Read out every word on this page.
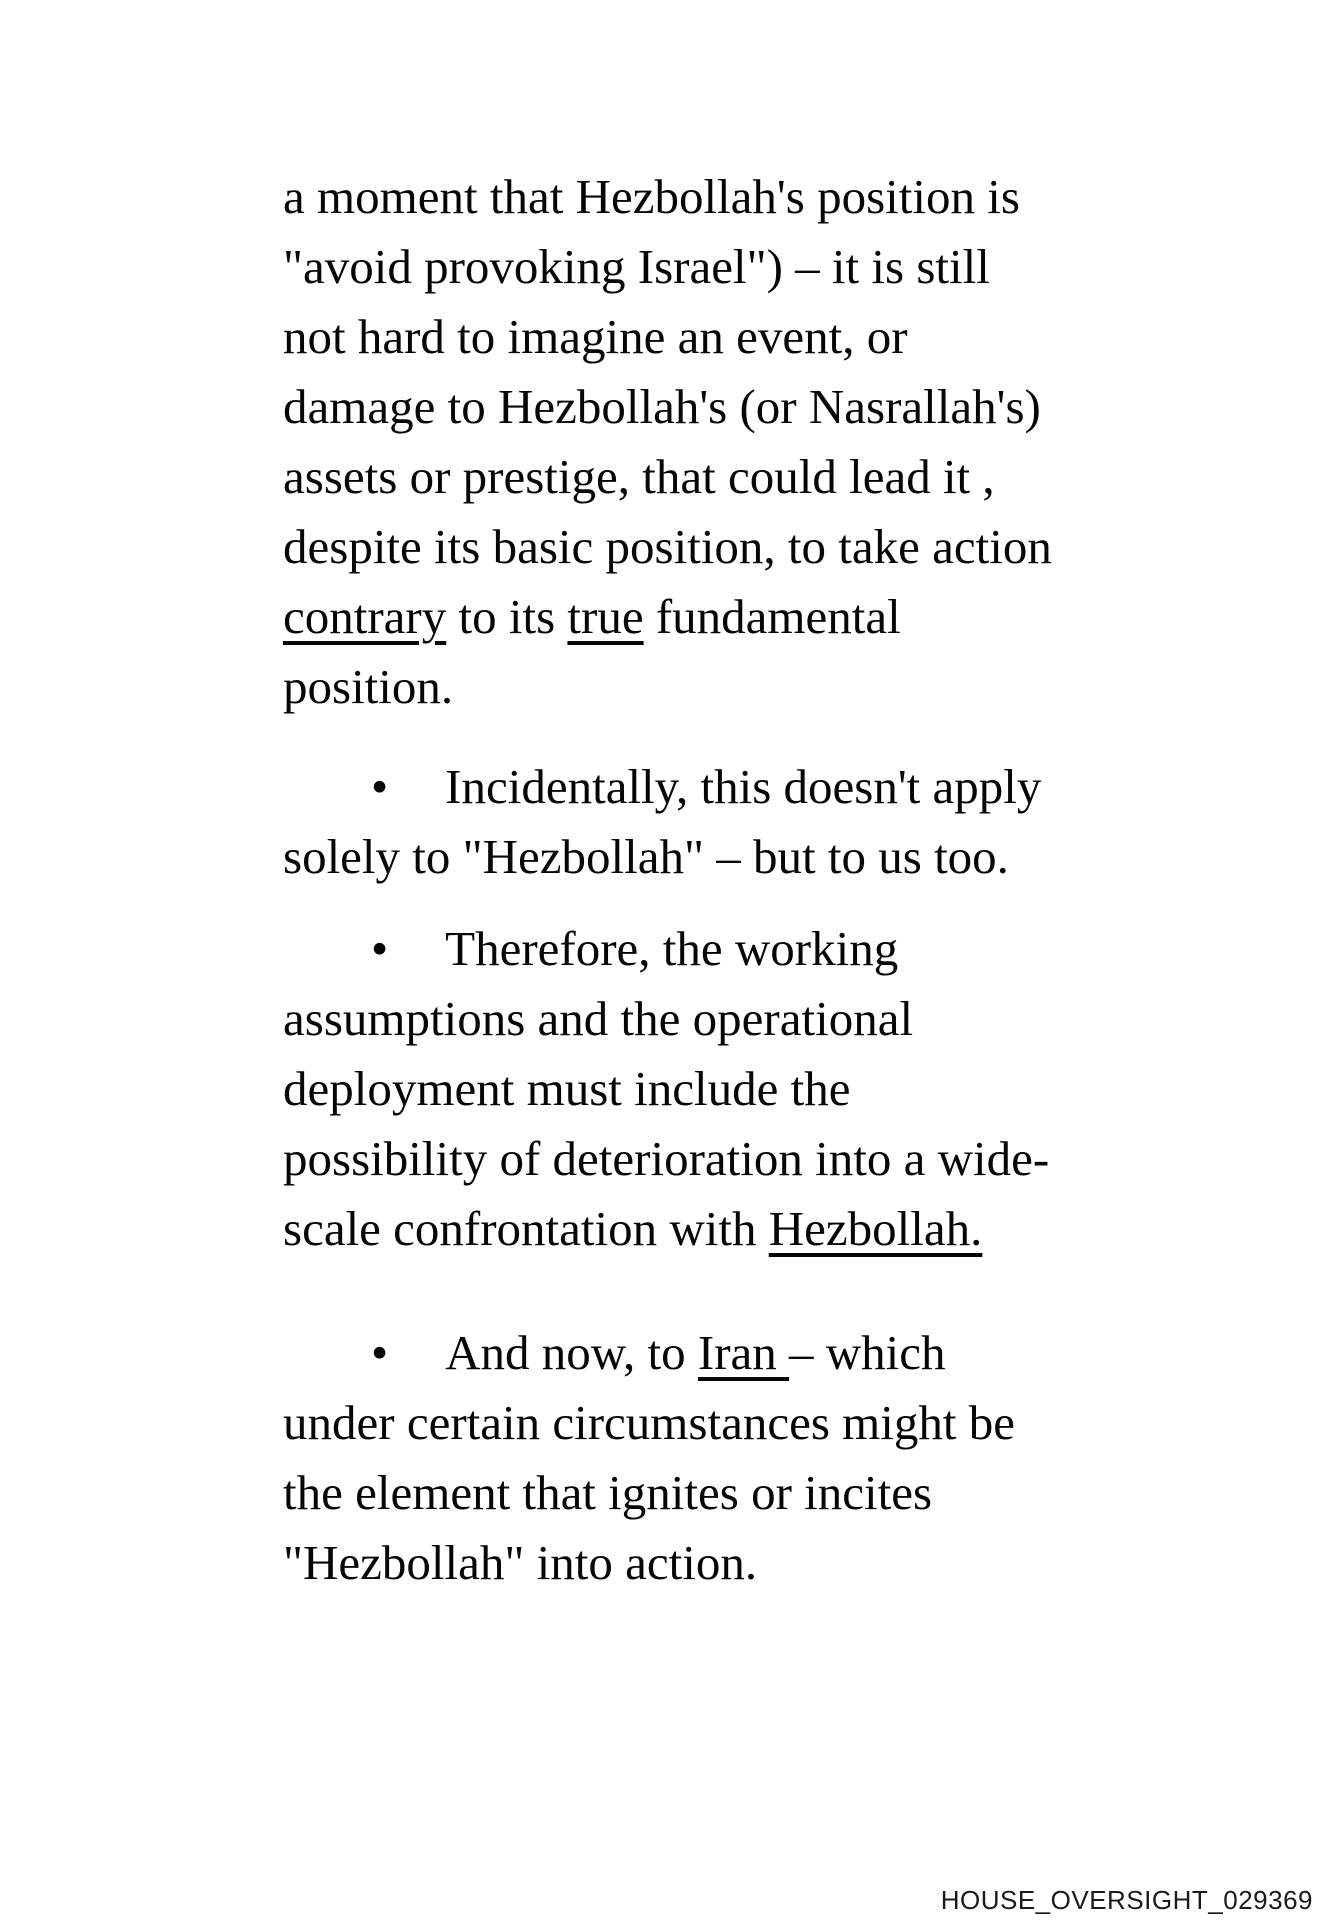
a moment that Hezbollah's position is
"avoid provoking Israel") – it is still
not hard to imagine an event, or
damage to Hezbollah's (or Nasrallah's)
assets or prestige, that could lead it ,
despite its basic position, to take action
contrary to its true fundamental
position.
• Incidentally, this doesn't apply
solely to "Hezbollah" – but to us too.
• Therefore, the working
assumptions and the operational
deployment must include the
possibility of deterioration into a wide-
scale confrontation with Hezbollah.
• And now, to Iran – which
under certain circumstances might be
the element that ignites or incites
"Hezbollah" into action.
HOUSE_OVERSIGHT_029369
